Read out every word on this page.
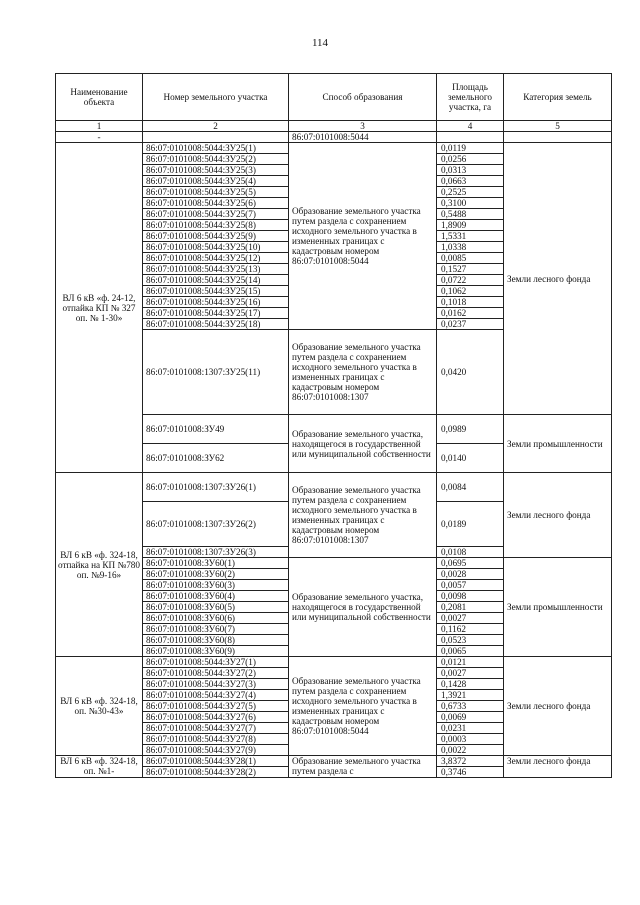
114
Наименование объекта	Номер земельного участка	Способ образования	Площадь земельного участка, га	Категория земель
1	2	3	4	5
-		86:07:0101008:5044		
ВЛ 6 кВ «ф. 24-12, отпайка КП № 327 оп. № 1-30»	86:07:0101008:5044:ЗУ25(1)	Образование земельного участка путем раздела с сохранением исходного земельного участка в измененных границах с кадастровым номером 86:07:0101008:5044	0,0119	Земли лесного фонда
	86:07:0101008:5044:ЗУ25(2)		0,0256	
	86:07:0101008:5044:ЗУ25(3)		0,0313	
	86:07:0101008:5044:ЗУ25(4)		0,0663	
	86:07:0101008:5044:ЗУ25(5)		0,2525	
	86:07:0101008:5044:ЗУ25(6)		0,3100	
	86:07:0101008:5044:ЗУ25(7)		0,5488	
	86:07:0101008:5044:ЗУ25(8)		1,8909	
	86:07:0101008:5044:ЗУ25(9)		1,5331	
	86:07:0101008:5044:ЗУ25(10)		1,0338	
	86:07:0101008:5044:ЗУ25(12)		0,0085	
	86:07:0101008:5044:ЗУ25(13)		0,1527	
	86:07:0101008:5044:ЗУ25(14)		0,0722	
	86:07:0101008:5044:ЗУ25(15)		0,1062	
	86:07:0101008:5044:ЗУ25(16)		0,1018	
	86:07:0101008:5044:ЗУ25(17)		0,0162	
	86:07:0101008:5044:ЗУ25(18)		0,0237	
	86:07:0101008:1307:ЗУ25(11)	Образование земельного участка путем раздела с сохранением исходного земельного участка в измененных границах с кадастровым номером 86:07:0101008:1307	0,0420	
	86:07:0101008:ЗУ49	Образование земельного участка, находящегося в государственной или муниципальной собственности	0,0989	Земли промышленности
	86:07:0101008:ЗУ62		0,0140	
ВЛ 6 кВ «ф. 324-18, отпайка на КП №780 оп. №9-16»	86:07:0101008:1307:ЗУ26(1)	Образование земельного участка путем раздела с сохранением исходного земельного участка в измененных границах с кадастровым номером 86:07:0101008:1307	0,0084	Земли лесного фонда
	86:07:0101008:1307:ЗУ26(2)		0,0189	
	86:07:0101008:1307:ЗУ26(3)		0,0108	
	86:07:0101008:ЗУ60(1)	Образование земельного участка, находящегося в государственной или муниципальной собственности	0,0695	Земли промышленности
	86:07:0101008:ЗУ60(2)		0,0028	
	86:07:0101008:ЗУ60(3)		0,0057	
	86:07:0101008:ЗУ60(4)		0,0098	
	86:07:0101008:ЗУ60(5)		0,2081	
	86:07:0101008:ЗУ60(6)		0,0027	
	86:07:0101008:ЗУ60(7)		0,1162	
	86:07:0101008:ЗУ60(8)		0,0523	
	86:07:0101008:ЗУ60(9)		0,0065	
ВЛ 6 кВ «ф. 324-18, оп. №30-43»	86:07:0101008:5044:ЗУ27(1)	Образование земельного участка путем раздела с сохранением исходного земельного участка в измененных границах с кадастровым номером 86:07:0101008:5044	0,0121	Земли лесного фонда
	86:07:0101008:5044:ЗУ27(2)		0,0027	
	86:07:0101008:5044:ЗУ27(3)		0,1428	
	86:07:0101008:5044:ЗУ27(4)		1,3921	
	86:07:0101008:5044:ЗУ27(5)		0,6733	
	86:07:0101008:5044:ЗУ27(6)		0,0069	
	86:07:0101008:5044:ЗУ27(7)		0,0231	
	86:07:0101008:5044:ЗУ27(8)		0,0003	
	86:07:0101008:5044:ЗУ27(9)		0,0022	
ВЛ 6 кВ «ф. 324-18, оп. №1-	86:07:0101008:5044:ЗУ28(1)	Образование земельного участка путем раздела с	3,8372	Земли лесного фонда
	86:07:0101008:5044:ЗУ28(2)		0,3746	
